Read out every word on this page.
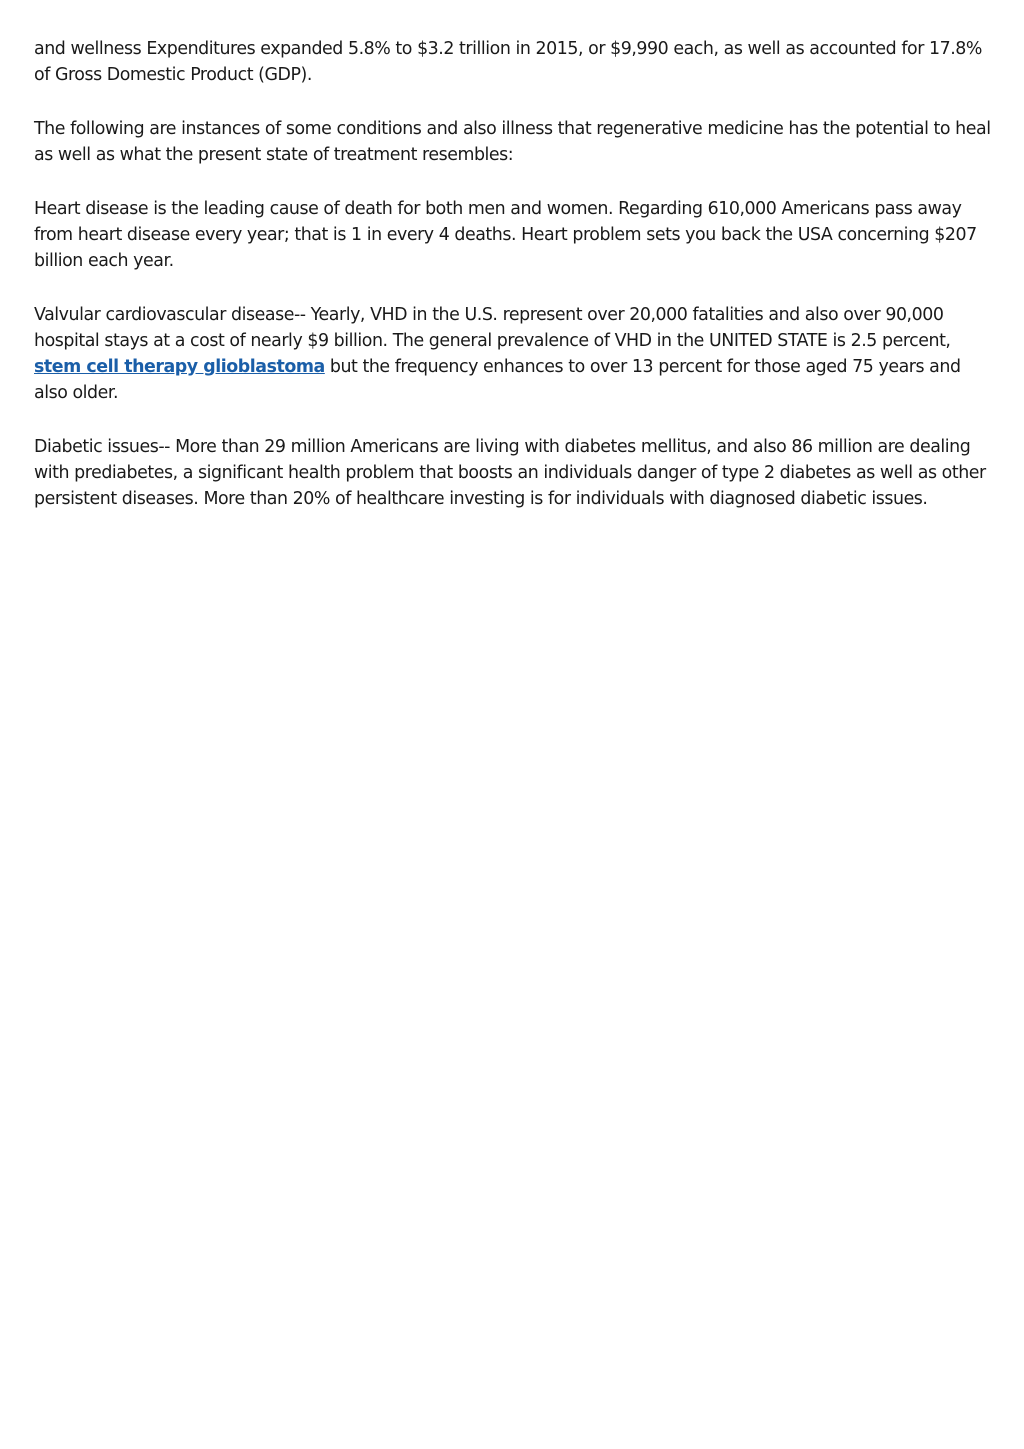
and wellness Expenditures expanded 5.8% to $3.2 trillion in 2015, or $9,990 each, as well as accounted for 17.8% of Gross Domestic Product (GDP).

The following are instances of some conditions and also illness that regenerative medicine has the potential to heal as well as what the present state of treatment resembles:

Heart disease is the leading cause of death for both men and women. Regarding 610,000 Americans pass away from heart disease every year; that is 1 in every 4 deaths. Heart problem sets you back the USA concerning $207 billion each year.

Valvular cardiovascular disease-- Yearly, VHD in the U.S. represent over 20,000 fatalities and also over 90,000 hospital stays at a cost of nearly $9 billion. The general prevalence of VHD in the UNITED STATE is 2.5 percent, stem cell therapy glioblastoma but the frequency enhances to over 13 percent for those aged 75 years and also older.

Diabetic issues-- More than 29 million Americans are living with diabetes mellitus, and also 86 million are dealing with prediabetes, a significant health problem that boosts an individuals danger of type 2 diabetes as well as other persistent diseases. More than 20% of healthcare investing is for individuals with diagnosed diabetic issues.
